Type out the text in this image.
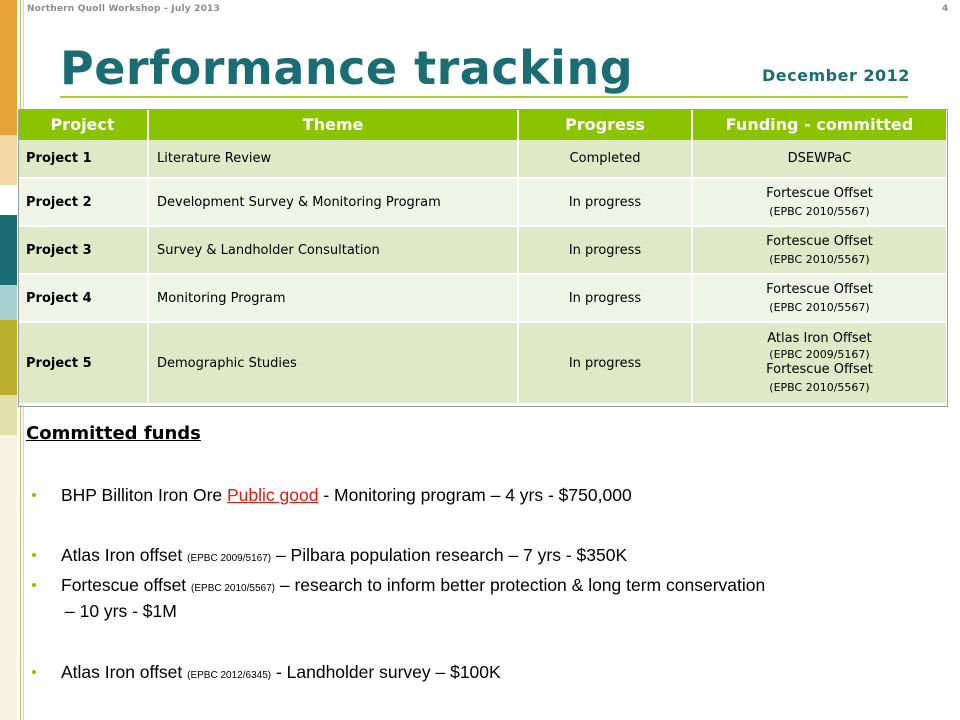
Northern Quoll Workshop - July 2013	4
Performance tracking	December 2012
Project	Theme	Progress	Funding - committed
Project 1	Literature Review	Completed	DSEWPaC
Project 2	Development Survey & Monitoring Program	In progress	Fortescue Offset
(EPBC 2010/5567)

Project 3	Survey & Landholder Consultation	In progress	Fortescue Offset
(EPBC 2010/5567)

Project 4	Monitoring Program	In progress	Fortescue Offset
(EPBC 2010/5567)

Project 5	Demographic Studies	In progress	Atlas Iron Offset
(EPBC 2009/5167)
Fortescue Offset
(EPBC 2010/5567)
Committed funds
BHP Billiton Iron Ore Public good - Monitoring program – 4 yrs - $750,000
Atlas Iron offset (EPBC 2009/5167) – Pilbara population research – 7 yrs - $350K
Fortescue offset (EPBC 2010/5567) – research to inform better protection & long term conservation
– 10 yrs - $1M
Atlas Iron offset (EPBC 2012/6345) - Landholder survey – $100K
